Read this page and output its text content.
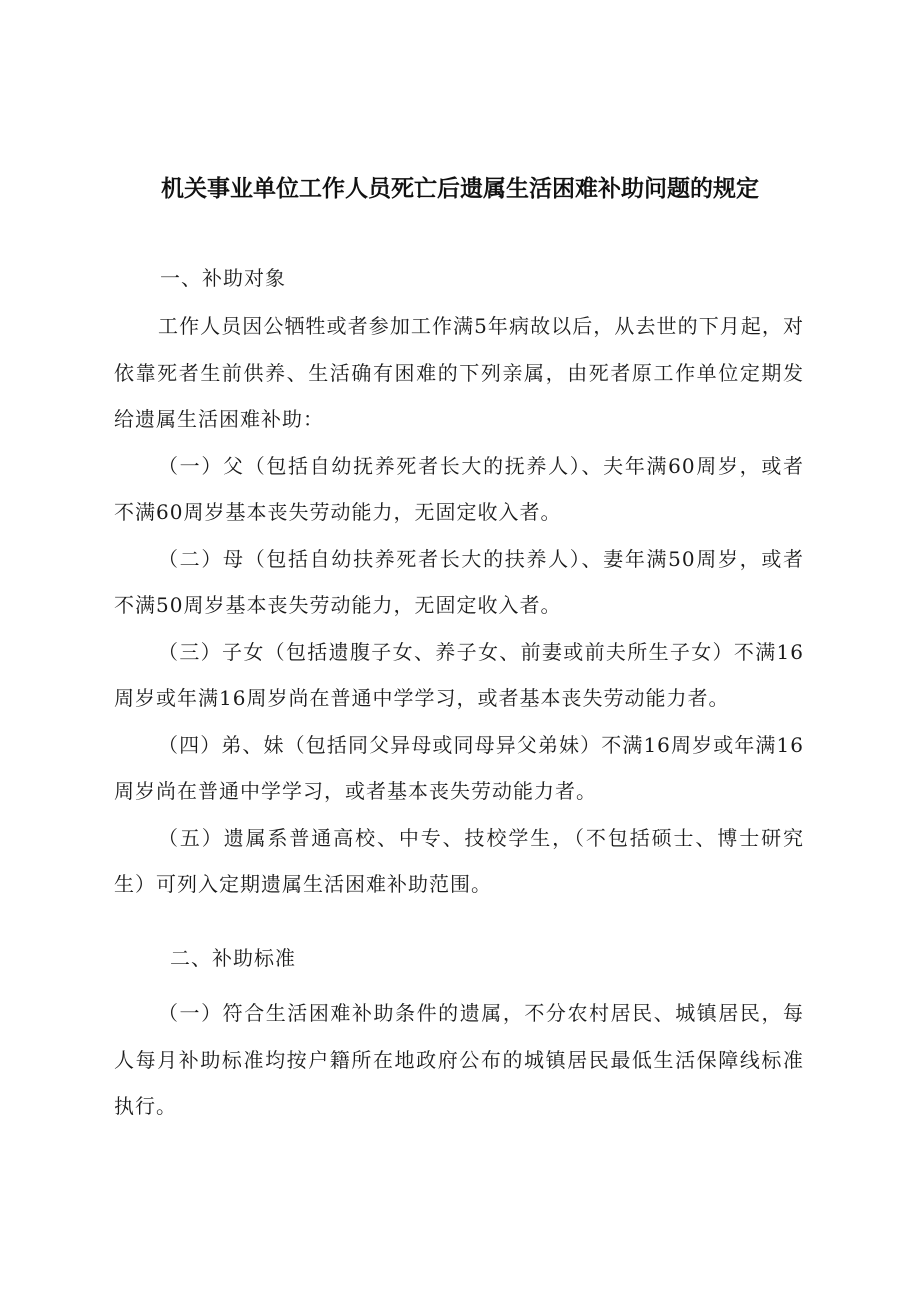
机关事业单位工作人员死亡后遗属生活困难补助问题的规定
一、补助对象

工作人员因公牺牲或者参加工作满5年病故以后，从去世的下月起，对依靠死者生前供养、生活确有困难的下列亲属，由死者原工作单位定期发给遗属生活困难补助：

（一）父（包括自幼抚养死者长大的抚养人）、夫年满60周岁，或者不满60周岁基本丧失劳动能力，无固定收入者。

（二）母（包括自幼扶养死者长大的扶养人）、妻年满50周岁，或者不满50周岁基本丧失劳动能力，无固定收入者。

（三）子女（包括遗腹子女、养子女、前妻或前夫所生子女）不满16周岁或年满16周岁尚在普通中学学习，或者基本丧失劳动能力者。

（四）弟、妹（包括同父异母或同母异父弟妹）不满16周岁或年满16周岁尚在普通中学学习，或者基本丧失劳动能力者。

（五）遗属系普通高校、中专、技校学生，（不包括硕士、博士研究生）可列入定期遗属生活困难补助范围。

二、补助标准

（一）符合生活困难补助条件的遗属，不分农村居民、城镇居民，每人每月补助标准均按户籍所在地政府公布的城镇居民最低生活保障线标准执行。
